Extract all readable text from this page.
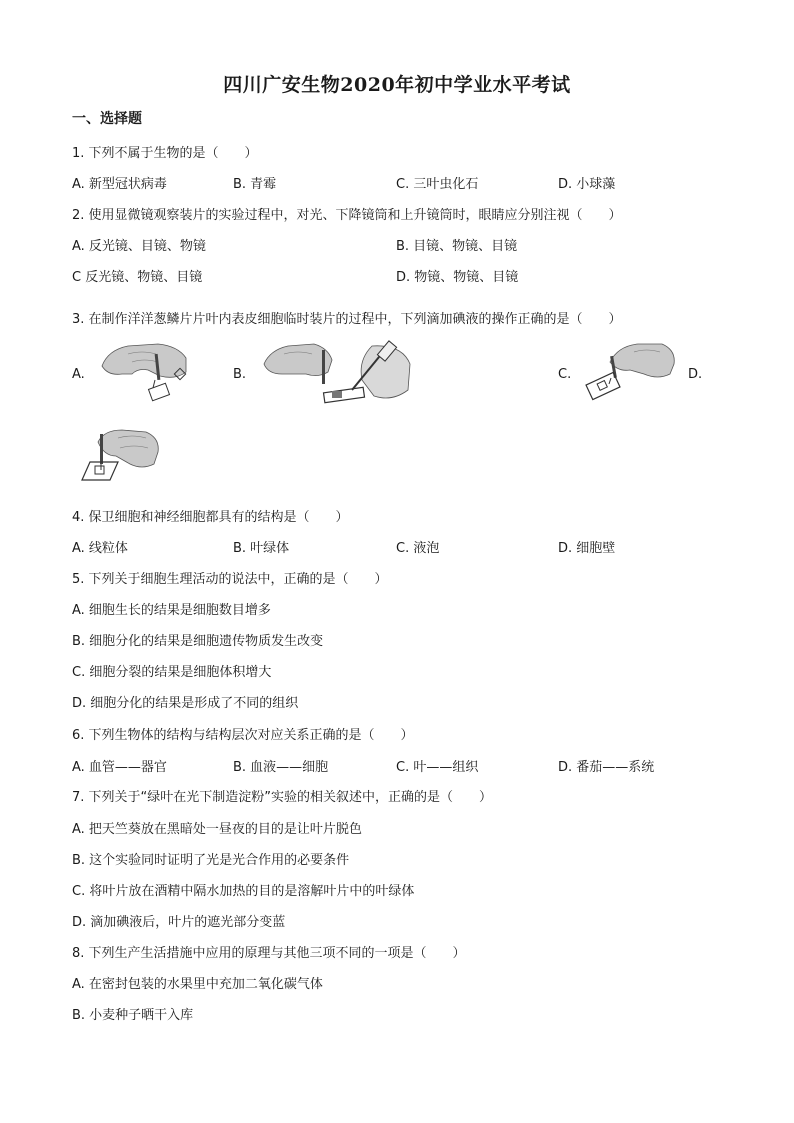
四川广安生物2020年初中学业水平考试
一、选择题
1. 下列不属于生物的是（　　）
A. 新型冠状病毒	B. 青霉	C. 三叶虫化石	D. 小球藻
2. 使用显微镜观察装片的实验过程中，对光、下降镜筒和上升镜筒时，眼睛应分别注视（　　）
A. 反光镜、目镜、物镜	B. 目镜、物镜、目镜
C 反光镜、物镜、目镜	D. 物镜、物镜、目镜
3. 在制作洋洋葱鳞片片叶内表皮细胞临时装片的过程中，下列滴加碘液的操作正确的是（　　）
A.	B.	C.	D.
4. 保卫细胞和神经细胞都具有的结构是（　　）
A. 线粒体	B. 叶绿体	C. 液泡	D. 细胞壁
5. 下列关于细胞生理活动的说法中，正确的是（　　）
A. 细胞生长的结果是细胞数目增多
B. 细胞分化的结果是细胞遗传物质发生改变
C. 细胞分裂的结果是细胞体积增大
D. 细胞分化的结果是形成了不同的组织
6. 下列生物体的结构与结构层次对应关系正确的是（　　）
A. 血管——器官	B. 血液——细胞	C. 叶——组织	D. 番茄——系统
7. 下列关于“绿叶在光下制造淀粉”实验的相关叙述中，正确的是（　　）
A. 把天竺葵放在黑暗处一昼夜的目的是让叶片脱色
B. 这个实验同时证明了光是光合作用的必要条件
C. 将叶片放在酒精中隔水加热的目的是溶解叶片中的叶绿体
D. 滴加碘液后，叶片的遮光部分变蓝
8. 下列生产生活措施中应用的原理与其他三项不同的一项是（　　）
A. 在密封包装的水果里中充加二氧化碳气体
B. 小麦种子晒干入库
